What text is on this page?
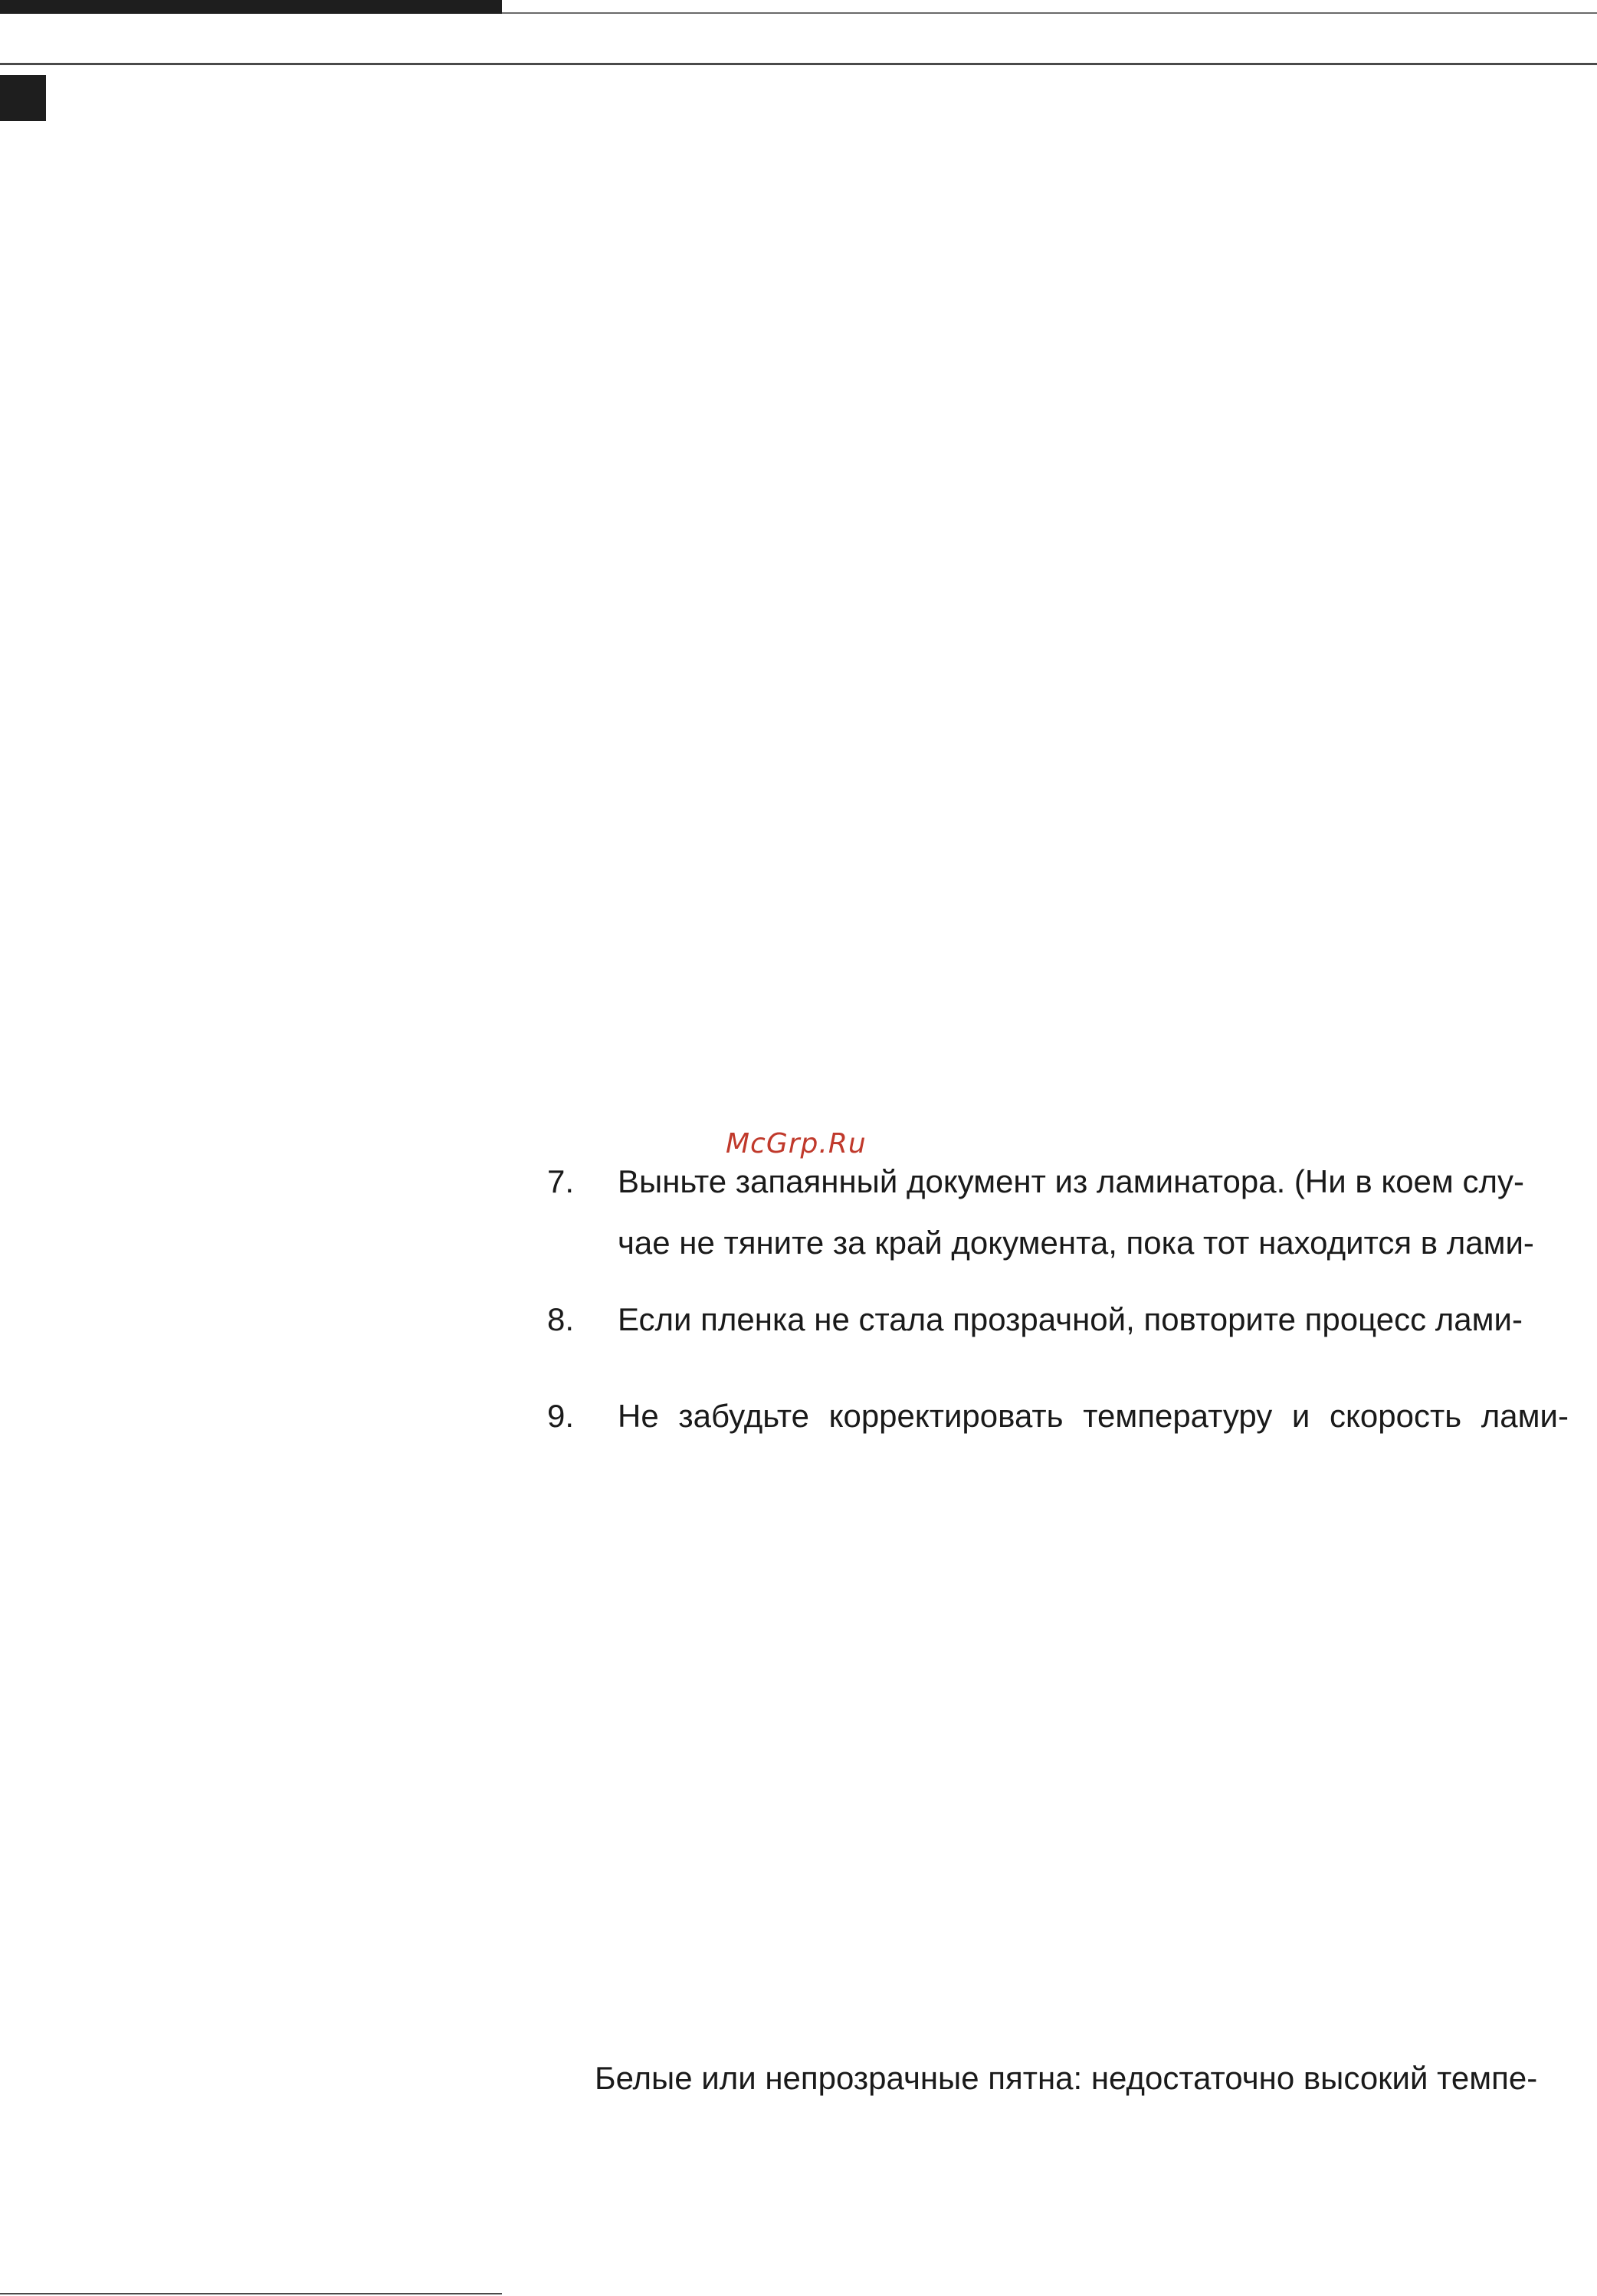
McGrp.Ru
7.	Выньте запаянный документ из ламинатора. (Ни в коем слу-
чае не тяните за край документа, пока тот находится в лами-
8.	Если пленка не стала прозрачной, повторите процесс лами-
9.	Не забудьте корректировать температуру и скорость лами-
Белые или непрозрачные пятна: недостаточно высокий темпе-
